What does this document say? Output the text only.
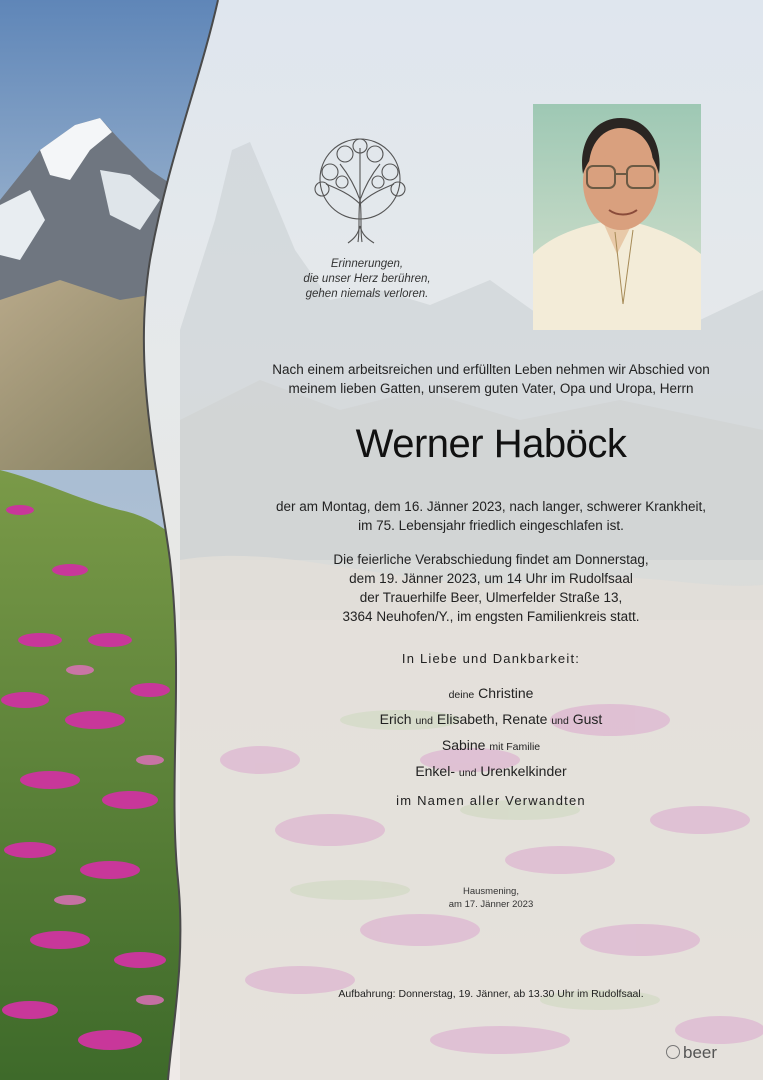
Erinnerungen,
die unser Herz berühren,
gehen niemals verloren.
Nach einem arbeitsreichen und erfüllten Leben nehmen wir Abschied von
meinem lieben Gatten, unserem guten Vater, Opa und Uropa, Herrn
Werner Haböck
der am Montag, dem 16. Jänner 2023, nach langer, schwerer Krankheit,
im 75. Lebensjahr friedlich eingeschlafen ist.
Die feierliche Verabschiedung findet am Donnerstag,
dem 19. Jänner 2023, um 14 Uhr im Rudolfsaal
der Trauerhilfe Beer, Ulmerfelder Straße 13,
3364 Neuhofen/Y., im engsten Familienkreis statt.
In Liebe und Dankbarkeit:
deine Christine
Erich und Elisabeth, Renate und Gust
Sabine mit Familie
Enkel- und Urenkelkinder
im Namen aller Verwandten
Hausmening,
am 17. Jänner 2023
Aufbahrung: Donnerstag, 19. Jänner, ab 13.30 Uhr im Rudolfsaal.
beer
